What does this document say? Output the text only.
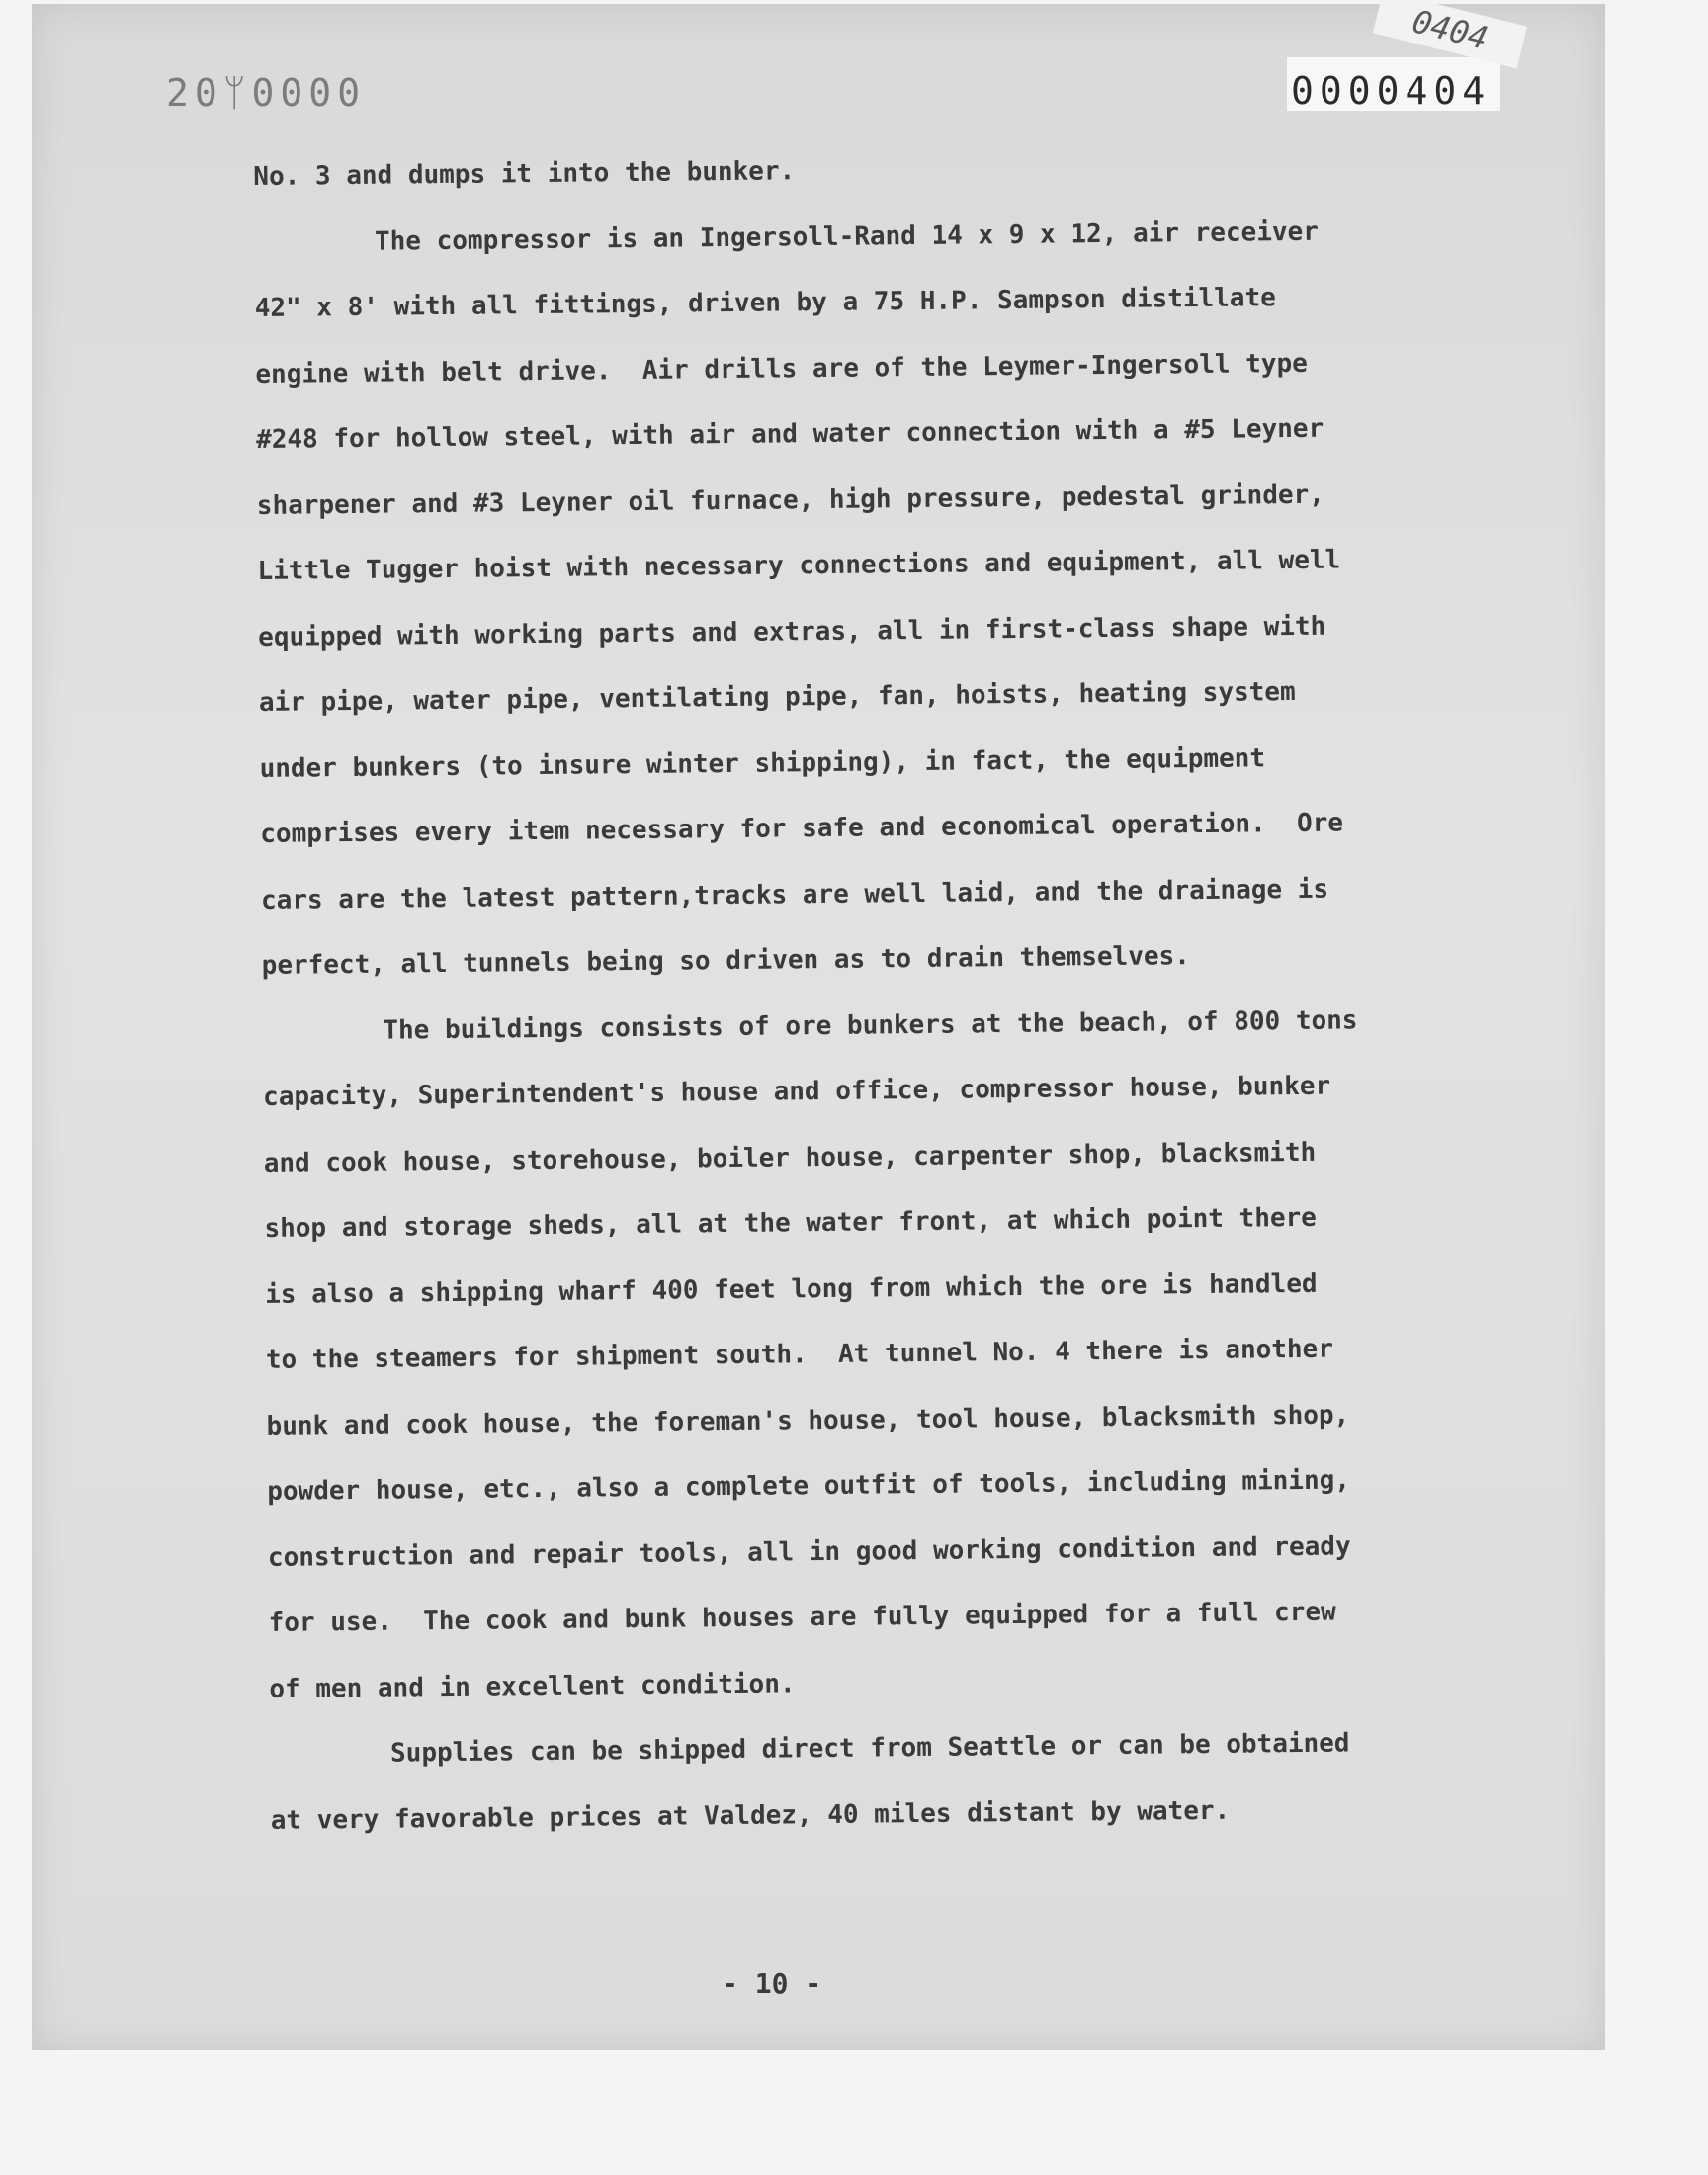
20ᛘ0000	0000404
0404
No. 3 and dumps it into the bunker.
The compressor is an Ingersoll-Rand 14 x 9 x 12, air receiver
42" x 8' with all fittings, driven by a 75 H.P. Sampson distillate
engine with belt drive.  Air drills are of the Leymer-Ingersoll type
#248 for hollow steel, with air and water connection with a #5 Leyner
sharpener and #3 Leyner oil furnace, high pressure, pedestal grinder,
Little Tugger hoist with necessary connections and equipment, all well
equipped with working parts and extras, all in first-class shape with
air pipe, water pipe, ventilating pipe, fan, hoists, heating system
under bunkers (to insure winter shipping), in fact, the equipment
comprises every item necessary for safe and economical operation.  Ore
cars are the latest pattern,tracks are well laid, and the drainage is
perfect, all tunnels being so driven as to drain themselves.
The buildings consists of ore bunkers at the beach, of 800 tons
capacity, Superintendent's house and office, compressor house, bunker
and cook house, storehouse, boiler house, carpenter shop, blacksmith
shop and storage sheds, all at the water front, at which point there
is also a shipping wharf 400 feet long from which the ore is handled
to the steamers for shipment south.  At tunnel No. 4 there is another
bunk and cook house, the foreman's house, tool house, blacksmith shop,
powder house, etc., also a complete outfit of tools, including mining,
construction and repair tools, all in good working condition and ready
for use.  The cook and bunk houses are fully equipped for a full crew
of men and in excellent condition.
Supplies can be shipped direct from Seattle or can be obtained
at very favorable prices at Valdez, 40 miles distant by water.
- 10 -
